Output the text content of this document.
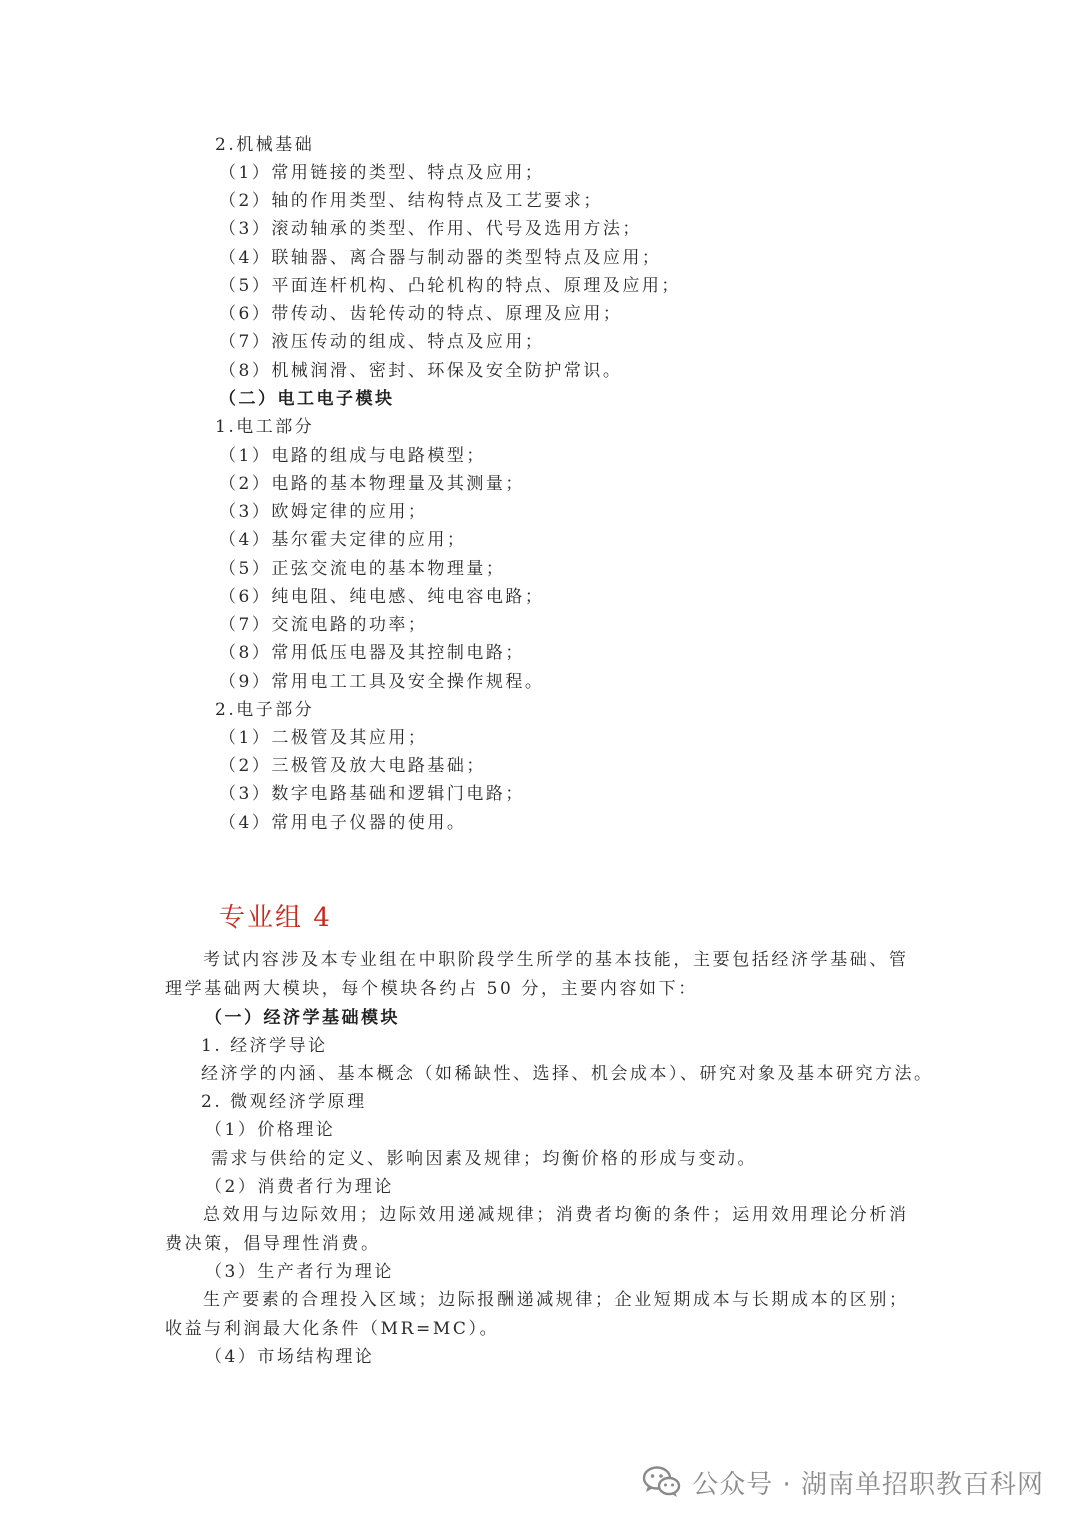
2.机械基础
（1）常用链接的类型、特点及应用；
（2）轴的作用类型、结构特点及工艺要求；
（3）滚动轴承的类型、作用、代号及选用方法；
（4）联轴器、离合器与制动器的类型特点及应用；
（5）平面连杆机构、凸轮机构的特点、原理及应用；
（6）带传动、齿轮传动的特点、原理及应用；
（7）液压传动的组成、特点及应用；
（8）机械润滑、密封、环保及安全防护常识。
（二）电工电子模块
1.电工部分
（1）电路的组成与电路模型；
（2）电路的基本物理量及其测量；
（3）欧姆定律的应用；
（4）基尔霍夫定律的应用；
（5）正弦交流电的基本物理量；
（6）纯电阻、纯电感、纯电容电路；
（7）交流电路的功率；
（8）常用低压电器及其控制电路；
（9）常用电工工具及安全操作规程。
2.电子部分
（1）二极管及其应用；
（2）三极管及放大电路基础；
（3）数字电路基础和逻辑门电路；
（4）常用电子仪器的使用。
专业组 4
考试内容涉及本专业组在中职阶段学生所学的基本技能，主要包括经济学基础、管理学基础两大模块，每个模块各约占 50 分，主要内容如下：
（一）经济学基础模块
1. 经济学导论
经济学的内涵、基本概念（如稀缺性、选择、机会成本）、研究对象及基本研究方法。
2. 微观经济学原理
（1）价格理论
需求与供给的定义、影响因素及规律；均衡价格的形成与变动。
（2）消费者行为理论
总效用与边际效用；边际效用递减规律；消费者均衡的条件；运用效用理论分析消费决策，倡导理性消费。
（3）生产者行为理论
生产要素的合理投入区域；边际报酬递减规律；企业短期成本与长期成本的区别；收益与利润最大化条件（MR=MC）。
（4）市场结构理论
公众号 · 湖南单招职教百科网
